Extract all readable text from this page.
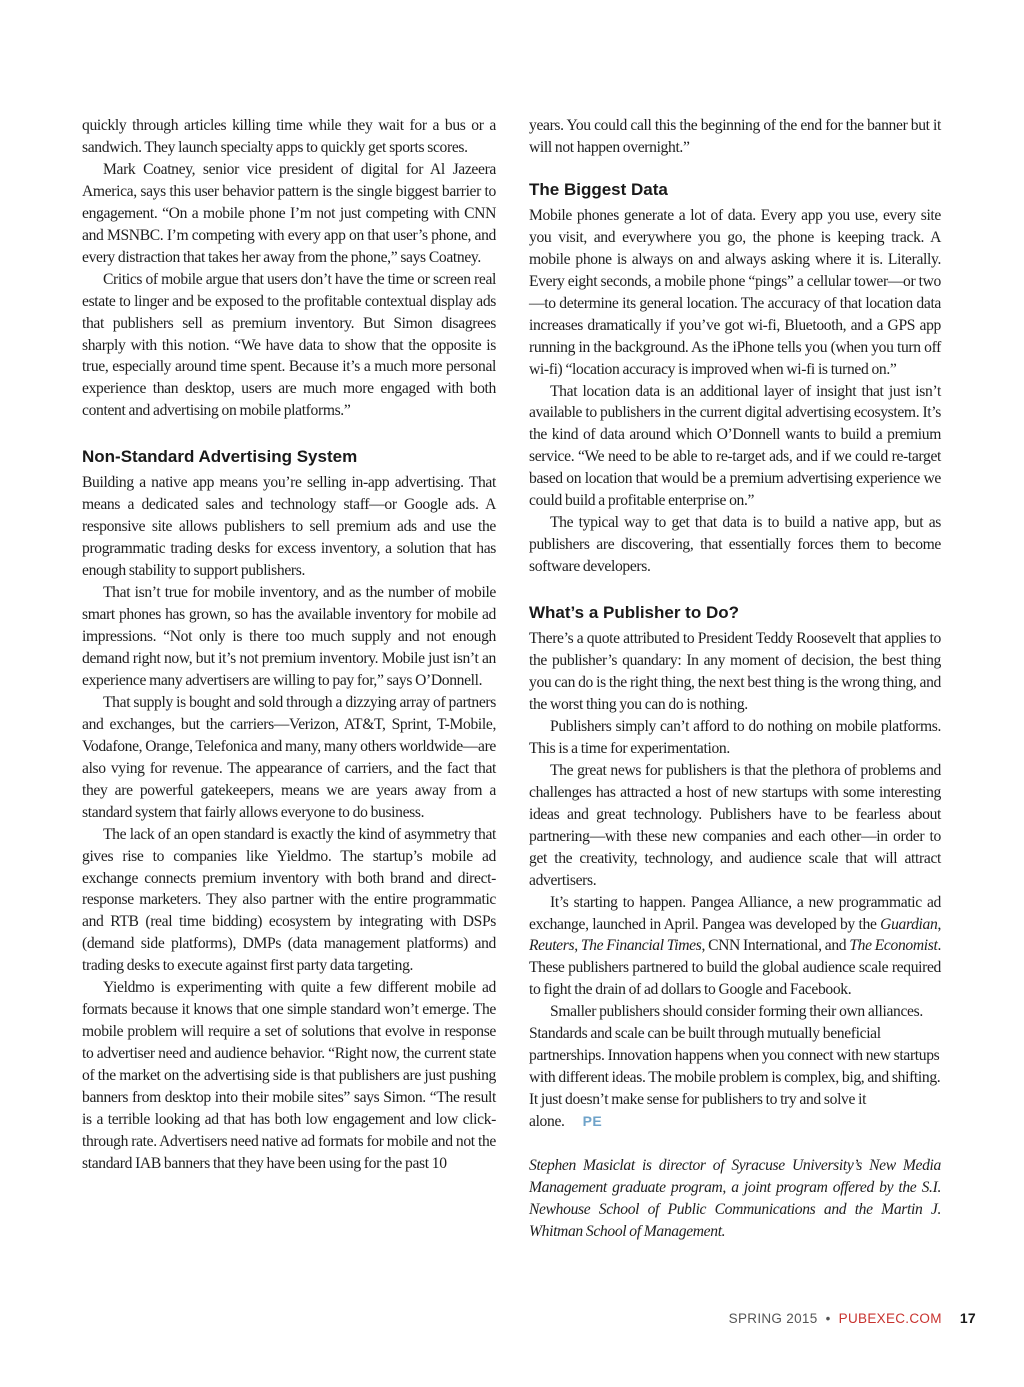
quickly through articles killing time while they wait for a bus or a sandwich. They launch specialty apps to quickly get sports scores.

Mark Coatney, senior vice president of digital for Al Jazeera America, says this user behavior pattern is the single biggest barrier to engagement. “On a mobile phone I’m not just competing with CNN and MSNBC. I’m competing with every app on that user’s phone, and every distraction that takes her away from the phone,” says Coatney.

Critics of mobile argue that users don’t have the time or screen real estate to linger and be exposed to the profitable contextual display ads that publishers sell as premium inventory. But Simon disagrees sharply with this notion. “We have data to show that the opposite is true, especially around time spent. Because it’s a much more personal experience than desktop, users are much more engaged with both content and advertising on mobile platforms.”

Non-Standard Advertising System

Building a native app means you’re selling in-app advertising. That means a dedicated sales and technology staff—or Google ads. A responsive site allows publishers to sell premium ads and use the programmatic trading desks for excess inventory, a solution that has enough stability to support publishers.

That isn’t true for mobile inventory, and as the number of mobile smart phones has grown, so has the available inventory for mobile ad impressions. “Not only is there too much supply and not enough demand right now, but it’s not premium inventory. Mobile just isn’t an experience many advertisers are willing to pay for,” says O’Donnell.

That supply is bought and sold through a dizzying array of partners and exchanges, but the carriers—Verizon, AT&T, Sprint, T-Mobile, Vodafone, Orange, Telefonica and many, many others worldwide—are also vying for revenue. The appearance of carriers, and the fact that they are powerful gatekeepers, means we are years away from a standard system that fairly allows everyone to do business.

The lack of an open standard is exactly the kind of asymmetry that gives rise to companies like Yieldmo. The startup’s mobile ad exchange connects premium inventory with both brand and direct-response marketers. They also partner with the entire programmatic and RTB (real time bidding) ecosystem by integrating with DSPs (demand side platforms), DMPs (data management platforms) and trading desks to execute against first party data targeting.

Yieldmo is experimenting with quite a few different mobile ad formats because it knows that one simple standard won’t emerge. The mobile problem will require a set of solutions that evolve in response to advertiser need and audience behavior. “Right now, the current state of the market on the advertising side is that publishers are just pushing banners from desktop into their mobile sites” says Simon. “The result is a terrible looking ad that has both low engagement and low click-through rate. Advertisers need native ad formats for mobile and not the standard IAB banners that they have been using for the past 10

years. You could call this the beginning of the end for the banner but it will not happen overnight.”

The Biggest Data

Mobile phones generate a lot of data. Every app you use, every site you visit, and everywhere you go, the phone is keeping track. A mobile phone is always on and always asking where it is. Literally. Every eight seconds, a mobile phone “pings” a cellular tower—or two—to determine its general location. The accuracy of that location data increases dramatically if you’ve got wi-fi, Bluetooth, and a GPS app running in the background. As the iPhone tells you (when you turn off wi-fi) “location accuracy is improved when wi-fi is turned on.”

That location data is an additional layer of insight that just isn’t available to publishers in the current digital advertising ecosystem. It’s the kind of data around which O’Donnell wants to build a premium service. “We need to be able to re-target ads, and if we could re-target based on location that would be a premium advertising experience we could build a profitable enterprise on.”

The typical way to get that data is to build a native app, but as publishers are discovering, that essentially forces them to become software developers.

What’s a Publisher to Do?

There’s a quote attributed to President Teddy Roosevelt that applies to the publisher’s quandary: In any moment of decision, the best thing you can do is the right thing, the next best thing is the wrong thing, and the worst thing you can do is nothing.

Publishers simply can’t afford to do nothing on mobile platforms. This is a time for experimentation.

The great news for publishers is that the plethora of problems and challenges has attracted a host of new startups with some interesting ideas and great technology. Publishers have to be fearless about partnering—with these new companies and each other—in order to get the creativity, technology, and audience scale that will attract advertisers.

It’s starting to happen. Pangea Alliance, a new programmatic ad exchange, launched in April. Pangea was developed by the Guardian, Reuters, The Financial Times, CNN International, and The Economist. These publishers partnered to build the global audience scale required to fight the drain of ad dollars to Google and Facebook.

Smaller publishers should consider forming their own alliances. Standards and scale can be built through mutually beneficial partnerships. Innovation happens when you connect with new startups with different ideas. The mobile problem is complex, big, and shifting. It just doesn’t make sense for publishers to try and solve it alone. PE

Stephen Masiclat is director of Syracuse University’s New Media Management graduate program, a joint program offered by the S.I. Newhouse School of Public Communications and the Martin J. Whitman School of Management.

SPRING 2015 • PUBEXEC.COM 17
